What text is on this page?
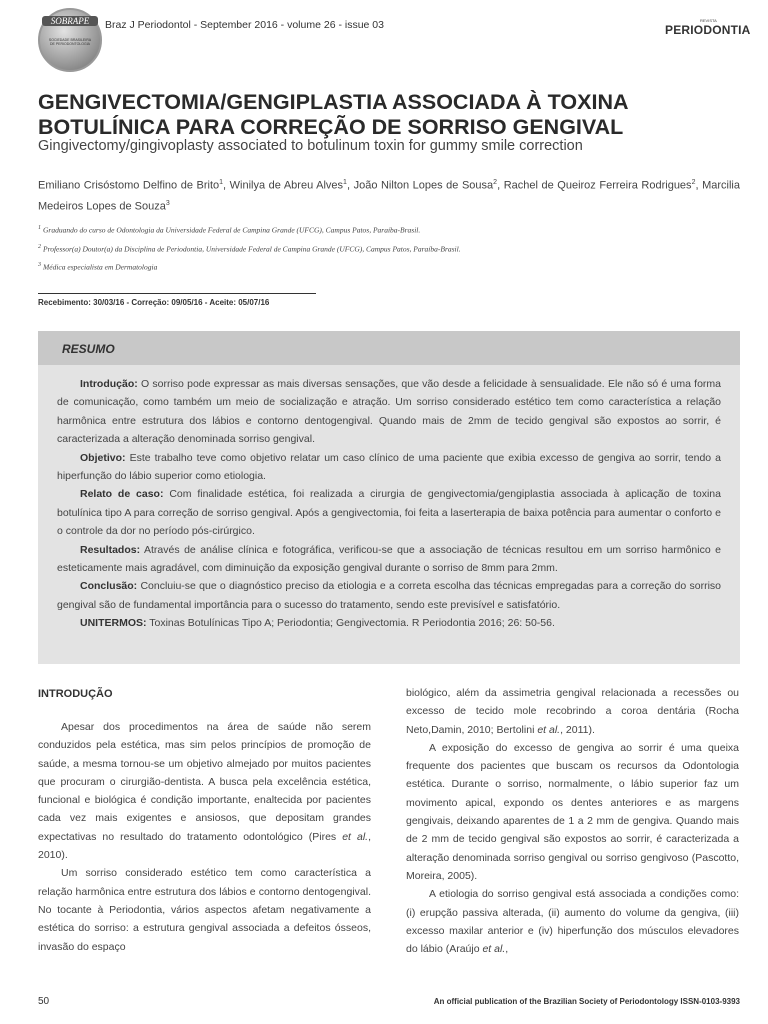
SOBRAPE
SOCIEDADE BRASILEIRA DE PERIODONTOLOGIA
Braz J Periodontol - September 2016 - volume 26 - issue 03	REVISTA
PERIODONTIA
GENGIVECTOMIA/GENGIPLASTIA ASSOCIADA À TOXINA BOTULÍNICA PARA CORREÇÃO DE SORRISO GENGIVAL
Gingivectomy/gingivoplasty associated to botulinum toxin for gummy smile correction
Emiliano Crisóstomo Delfino de Brito$^1$, Winilya de Abreu Alves$^1$, João Nilton Lopes de Sousa$^2$, Rachel de Queiroz Ferreira Rodrigues$^2$, Marcilia Medeiros Lopes de Souza$^3$
$^1$ Graduando do curso de Odontologia da Universidade Federal de Campina Grande (UFCG), Campus Patos, Paraíba-Brasil.
$^2$ Professor(a) Doutor(a) da Disciplina de Periodontia, Universidade Federal de Campina Grande (UFCG), Campus Patos, Paraíba-Brasil.
$^3$ Médica especialista em Dermatologia
Recebimento: 30/03/16 - Correção: 09/05/16 - Aceite: 05/07/16
RESUMO

Introdução: O sorriso pode expressar as mais diversas sensações, que vão desde a felicidade à sensualidade. Ele não só é uma forma de comunicação, como também um meio de socialização e atração. Um sorriso considerado estético tem como característica a relação harmônica entre estrutura dos lábios e contorno dentogengival. Quando mais de 2mm de tecido gengival são expostos ao sorrir, é caracterizada a alteração denominada sorriso gengival.

Objetivo: Este trabalho teve como objetivo relatar um caso clínico de uma paciente que exibia excesso de gengiva ao sorrir, tendo a hiperfunção do lábio superior como etiologia.

Relato de caso: Com finalidade estética, foi realizada a cirurgia de gengivectomia/gengiplastia associada à aplicação de toxina botulínica tipo A para correção de sorriso gengival. Após a gengivectomia, foi feita a laserterapia de baixa potência para aumentar o conforto e o controle da dor no período pós-cirúrgico.

Resultados: Através de análise clínica e fotográfica, verificou-se que a associação de técnicas resultou em um sorriso harmônico e esteticamente mais agradável, com diminuição da exposição gengival durante o sorriso de 8mm para 2mm.

Conclusão: Concluiu-se que o diagnóstico preciso da etiologia e a correta escolha das técnicas empregadas para a correção do sorriso gengival são de fundamental importância para o sucesso do tratamento, sendo este previsível e satisfatório.

UNITERMOS: Toxinas Botulínicas Tipo A; Periodontia; Gengivectomia. R Periodontia 2016; 26: 50-56.

INTRODUÇÃO

Apesar dos procedimentos na área de saúde não serem conduzidos pela estética, mas sim pelos princípios de promoção de saúde, a mesma tornou-se um objetivo almejado por muitos pacientes que procuram o cirurgião-dentista. A busca pela excelência estética, funcional e biológica é condição importante, enaltecida por pacientes cada vez mais exigentes e ansiosos, que depositam grandes expectativas no resultado do tratamento odontológico (Pires et al., 2010).

Um sorriso considerado estético tem como característica a relação harmônica entre estrutura dos lábios e contorno dentogengival. No tocante à Periodontia, vários aspectos afetam negativamente a estética do sorriso: a estrutura gengival associada a defeitos ósseos, invasão do espaço

biológico, além da assimetria gengival relacionada a recessões ou excesso de tecido mole recobrindo a coroa dentária (Rocha Neto,Damin, 2010; Bertolini et al., 2011).

A exposição do excesso de gengiva ao sorrir é uma queixa frequente dos pacientes que buscam os recursos da Odontologia estética. Durante o sorriso, normalmente, o lábio superior faz um movimento apical, expondo os dentes anteriores e as margens gengivais, deixando aparentes de 1 a 2 mm de gengiva. Quando mais de 2 mm de tecido gengival são expostos ao sorrir, é caracterizada a alteração denominada sorriso gengival ou sorriso gengivoso (Pascotto, Moreira, 2005).

A etiologia do sorriso gengival está associada a condições como: (i) erupção passiva alterada, (ii) aumento do volume da gengiva, (iii) excesso maxilar anterior e (iv) hiperfunção dos músculos elevadores do lábio (Araújo et al.,

50	An official publication of the Brazilian Society of Periodontology ISSN-0103-9393
